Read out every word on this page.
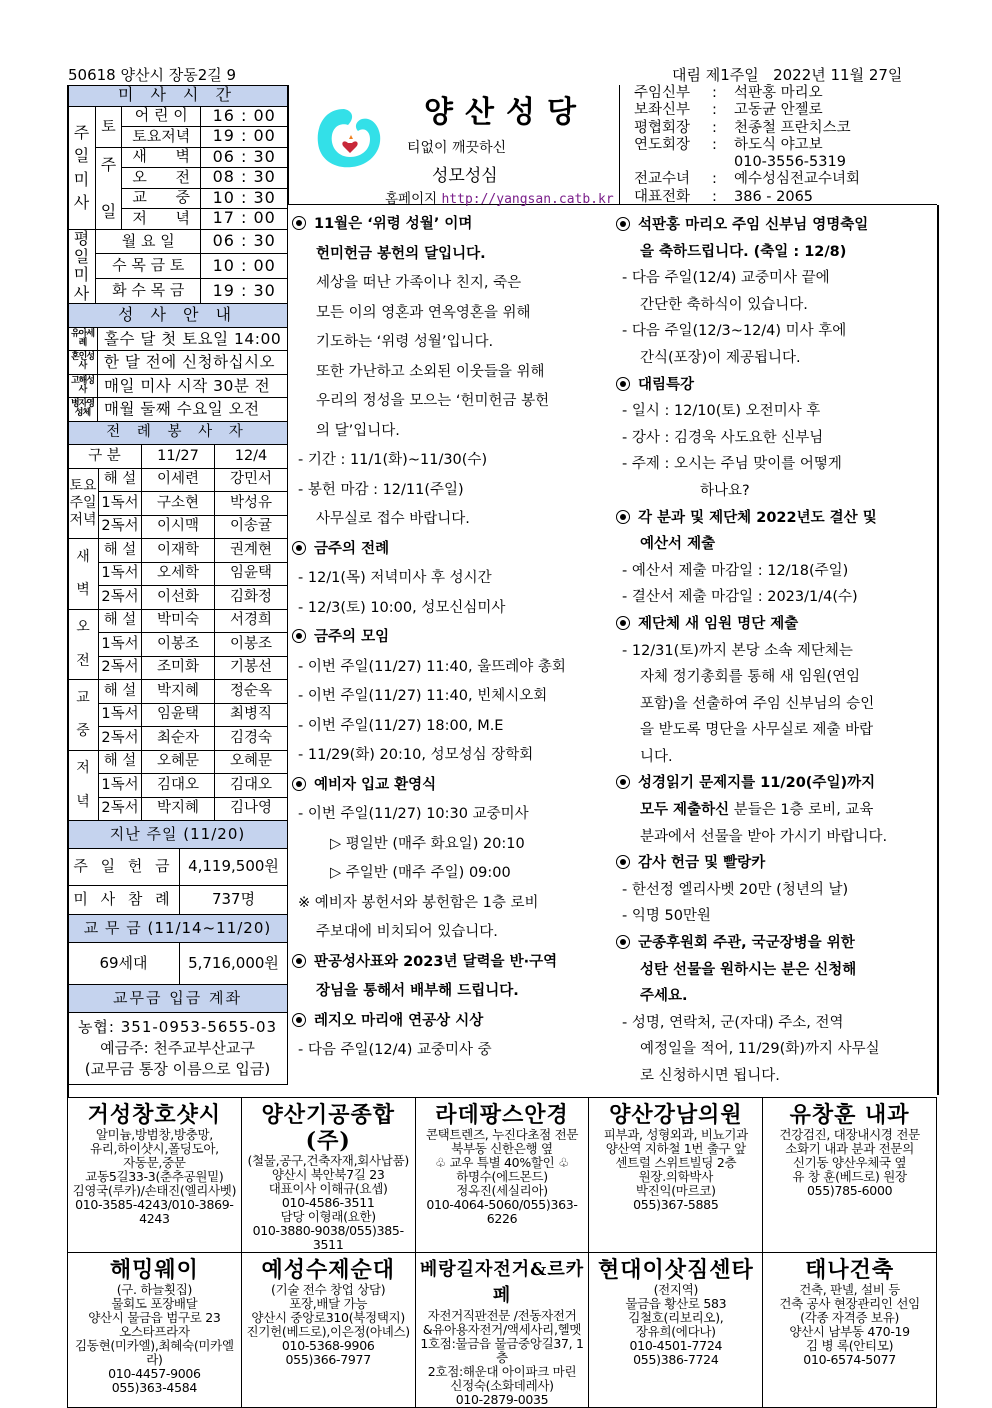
50618 양산시 장동2길 9	대림 제1주일   2022년 11월 27일
양산성당
티없이 깨끗하신
성모성심
홈페이지 http://yangsan.catb.kr
주임신부 : 석판홍 마리오
보좌신부 : 고동균 안젤로
평협회장 : 천종철 프란치스코
연도회장 : 하도식 야고보
010-3556-5319
전교수녀 : 예수성심전교수녀회
대표전화 : 386 - 2065
미 사 시 간			
주
일
미
사	토	어 린 이	16 : 00
		토요저녁	19 : 00
	주

일	새      벽	06 : 30
		오      전	08 : 30
		교      중	10 : 30
		저      녁	17 : 00
평
일
미
사	월 요 일		06 : 30
	수 목 금 토		10 : 00
	화 수 목 금		19 : 30
성 사 안 내	
유아세례	홀수 달 첫 토요일 14:00
혼인성사	한 달 전에 신청하십시오
고해성사	매일 미사 시작 30분 전
병자영성체	매월 둘째 수요일 오전
전 례 봉 사 자			
구 분		11/27	12/4
토요
주일
저녁	해 설	이세련	강민서
	1독서	구소현	박성유
	2독서	이시맥	이송귤
새

벽	해 설	이재학	권계현
	1독서	오세학	임윤택
	2독서	이선화	김화정
오

전	해 설	박미숙	서경희
	1독서	이봉조	이봉조
	2독서	조미화	기봉선
교

중	해 설	박지혜	정순옥
	1독서	임윤택	최병직
	2독서	최순자	김경숙
저

녁	해 설	오혜문	오혜문
	1독서	김대오	김대오
	2독서	박지혜	김나영
지난 주일 (11/20)	
주 일 헌 금	4,119,500원
미 사 참 례	737명
교 무 금 (11/14~11/20)	
69세대	5,716,000원
교무금 입금 계좌	

농협: 351-0953-5655-03
예금주: 천주교부산교구
(교무금 통장 이름으로 입금)	
11월은 ‘위령 성월’ 이며
헌미헌금 봉헌의 달입니다.
세상을 떠난 가족이나 친지, 죽은
모든 이의 영혼과 연옥영혼을 위해
기도하는 ‘위령 성월’입니다.
또한 가난하고 소외된 이웃들을 위해
우리의 정성을 모으는 ‘헌미헌금 봉헌
의 달’입니다.
- 기간 : 11/1(화)~11/30(수)
- 봉헌 마감 : 12/11(주일)
사무실로 접수 바랍니다.
금주의 전례
- 12/1(목) 저녁미사 후 성시간
- 12/3(토) 10:00, 성모신심미사
금주의 모임
- 이번 주일(11/27) 11:40, 울뜨레야 총회
- 이번 주일(11/27) 11:40, 빈체시오회
- 이번 주일(11/27) 18:00, M.E
- 11/29(화) 20:10, 성모성심 장학회
예비자 입교 환영식
- 이번 주일(11/27) 10:30 교중미사
▷ 평일반 (매주 화요일) 20:10
▷ 주일반 (매주 주일) 09:00
※ 예비자 봉헌서와 봉헌함은 1층 로비
주보대에 비치되어 있습니다.
판공성사표와 2023년 달력을 반·구역
장님을 통해서 배부해 드립니다.
레지오 마리애 연공상 시상
- 다음 주일(12/4) 교중미사 중
석판홍 마리오 주임 신부님 영명축일
을 축하드립니다. (축일 : 12/8)
- 다음 주일(12/4) 교중미사 끝에
간단한 축하식이 있습니다.
- 다음 주일(12/3~12/4) 미사 후에
간식(포장)이 제공됩니다.
대림특강
- 일시 : 12/10(토) 오전미사 후
- 강사 : 김경욱 사도요한 신부님
- 주제 : 오시는 주님 맞이를 어떻게
하나요?
각 분과 및 제단체 2022년도 결산 및
예산서 제출
- 예산서 제출 마감일 : 12/18(주일)
- 결산서 제출 마감일 : 2023/1/4(수)
제단체 새 임원 명단 제출
- 12/31(토)까지 본당 소속 제단체는
자체 정기총회를 통해 새 임원(연임
포함)을 선출하여 주임 신부님의 승인
을 받도록 명단을 사무실로 제출 바랍
니다.
성경읽기 문제지를 11/20(주일)까지
모두 제출하신 분들은 1층 로비, 교육
분과에서 선물을 받아 가시기 바랍니다.
감사 헌금 및 빨랑카
- 한선정 엘리사벳 20만 (청년의 날)
- 익명 50만원
군종후원회 주관, 국군장병을 위한
성탄 선물을 원하시는 분은 신청해
주세요.
- 성명, 연락처, 군(자대) 주소, 전역
예정일을 적어, 11/29(화)까지 사무실
로 신청하시면 됩니다.
거성창호샷시
알미늄,방범창,방충망,
유리,하이샷시,폴딩도아,
자동문,중문
교동5길33-3(춘추공원밑)
김영국(루카)/손태진(엘리사벳)
010-3585-4243/010-3869-4243

양산기공종합(주)
(철물,공구,건축자재,회사납품)
양산시 북안북7길 23
대표이사 이해규(요셉)
010-4586-3511
담당 이형래(요한)
010-3880-9038/055)385-3511

라데팡스안경
콘택트렌즈, 누진다초점 전문
북부동 신한은행 옆
♧ 교우 특별 40%할인 ♧
하명수(에드몬드)
정옥진(세실리아)
010-4064-5060/055)363-6226

양산강남의원
피부과, 성형외과, 비뇨기과
양산역 지하철 1번 출구 앞
센트럴 스위트빌딩 2층
원장.의학박사
박진익(마르코)
055)367-5885

유창훈 내과
건강검진, 대장내시경 전문
소화기 내과 분과 전문의
신기동 양산우체국 옆
유 창 훈(베드로) 원장
055)785-6000

해밍웨이
(구. 하늘횟집)
물회도 포장배달
양산시 물금읍 범구로 23
오스타프라자
김동현(미카엘),최혜숙(미카엘라)
010-4457-9006
055)363-4584

예성수제순대
(기술 전수 창업 상담)
포장,배달 가능
양산시 중앙로310(북정택지)
진기헌(베드로),이은정(아녜스)
010-5368-9906
055)366-7977

베랑길자전거&르카페
자전거직판전문 /전동자전거
&유아용자전거/액세사리,헬멧
1호점:물금읍 물금중앙길37, 1층
2호점:해운대 아이파크 마린
신정숙(소화데레사)
010-2879-0035

현대이삿짐센타
(전지역)
물금읍 황산로 583
김철호(리보리오),
장유희(에다나)
010-4501-7724
055)386-7724

태나건축
건축, 판넬, 설비 등
건축 공사 현장관리인 선임
(각종 자격증 보유)
양산시 남부동 470-19
김 병 록(안티모)
010-6574-5077
